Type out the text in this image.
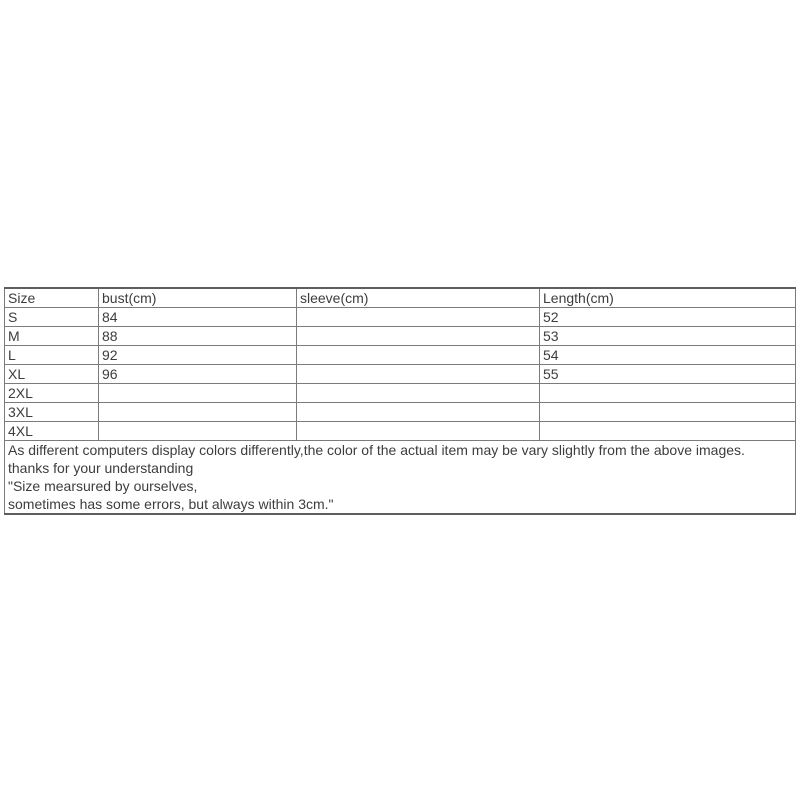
Size	bust(cm)	sleeve(cm)	Length(cm)
S	84		52
M	88		53
L	92		54
XL	96		55
2XL			
3XL			
4XL			

As different computers display colors differently,the color of the actual item may be vary slightly from the above images.
thanks for your understanding
"Size mearsured by ourselves,
sometimes has some errors, but always within 3cm."			
